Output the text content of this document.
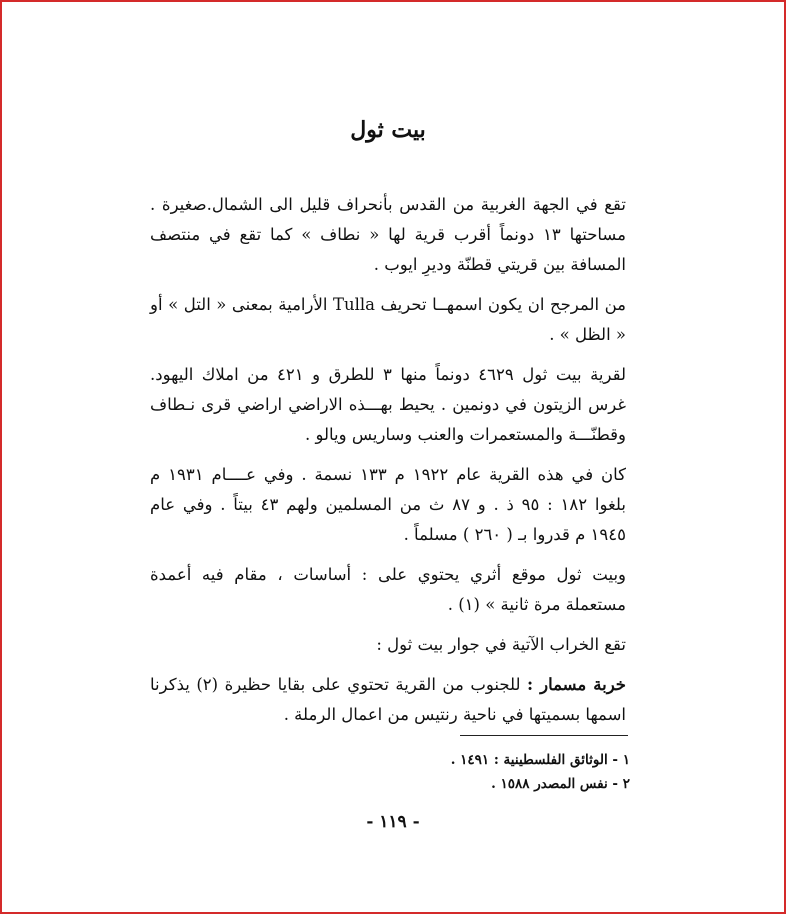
بيت ثول

تقع في الجهة الغربية من القدس بأنحراف قليل الى الشمال.صغيرة . مساحتها ١٣ دونماً أقرب قرية لها « نطاف » كما تقع في منتصف المسافة بين قريتي قطنّة وديرِ ايوب .

من المرجح ان يكون اسمهــا تحريف Tulla الأرامية بمعنى « التل » أو « الظل » .

لقرية بيت ثول ٤٦٢٩ دونماً منها ٣ للطرق و ٤٢١ من املاك اليهود. غرس الزيتون في دونمين . يحيط بهـــذه الاراضي اراضي قرى نـطاف وقطنّـــة والمستعمرات والعنب وساريس ويالو .

كان في هذه القرية عام ١٩٢٢ م ١٣٣ نسمة . وفي عــــام ١٩٣١ م بلغوا ١٨٢ : ٩٥ ذ . و ٨٧ ث من المسلمين ولهم ٤٣ بيتاً . وفي عام ١٩٤٥ م قدروا بـ ( ٢٦٠ ) مسلماً .

وبيت ثول موقع أثري يحتوي على : أساسات ، مقام فيه أعمدة مستعملة مرة ثانية » (١) .

تقع الخراب الآتية في جوار بيت ثول :

خربة مسمار : للجنوب من القرية تحتوي على بقايا حظيرة (٢) يذكرنا اسمها بسميتها في ناحية رنتيس من اعمال الرملة .

١ - الوثائق الفلسطينية : ١٤٩١ .
٢ - نفس المصدر ١٥٨٨ .
- ١١٩ -
